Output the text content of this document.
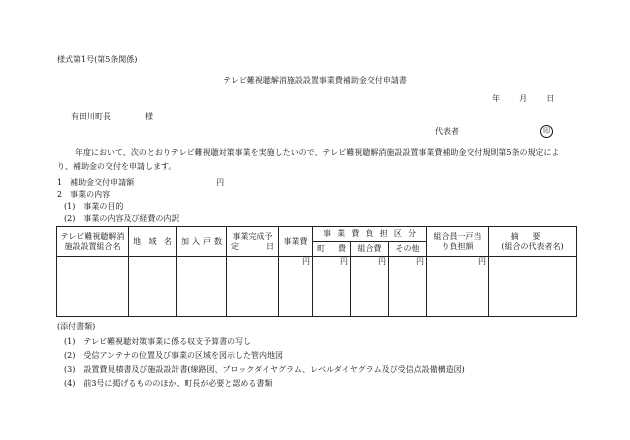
様式第1号(第5条関係)
テレビ難視聴解消施設設置事業費補助金交付申請書
年 月 日
有田川町長	様
代表者	印
年度において、次のとおりテレビ難視聴対策事業を実施したいので、テレビ難視聴解消施設設置事業費補助金交付規則第5条の規定によ
り、補助金の交付を申請します。
1　補助金交付申請額	円
2　事業の内容
(1)　事業の目的
(2)　事業の内容及び経費の内訳
テレビ難視聴解消施設設置組合名	地域名	加入戸数	事業完成予定日	事業費	事業費負担区分			組合員一戸当り負担額	摘要
(組合の代表者名)

					町費	組合費	その他		
				円	円	円	円	円	
(添付書類)
(1)　テレビ難視聴対策事業に係る収支予算書の写し
(2)　受信アンテナの位置及び事業の区域を図示した管内地図
(3)　設置費見積書及び施設設計書(線路図、ブロックダイヤグラム、レベルダイヤグラム及び受信点設備構造図)
(4)　前3号に掲げるもののほか、町長が必要と認める書類
